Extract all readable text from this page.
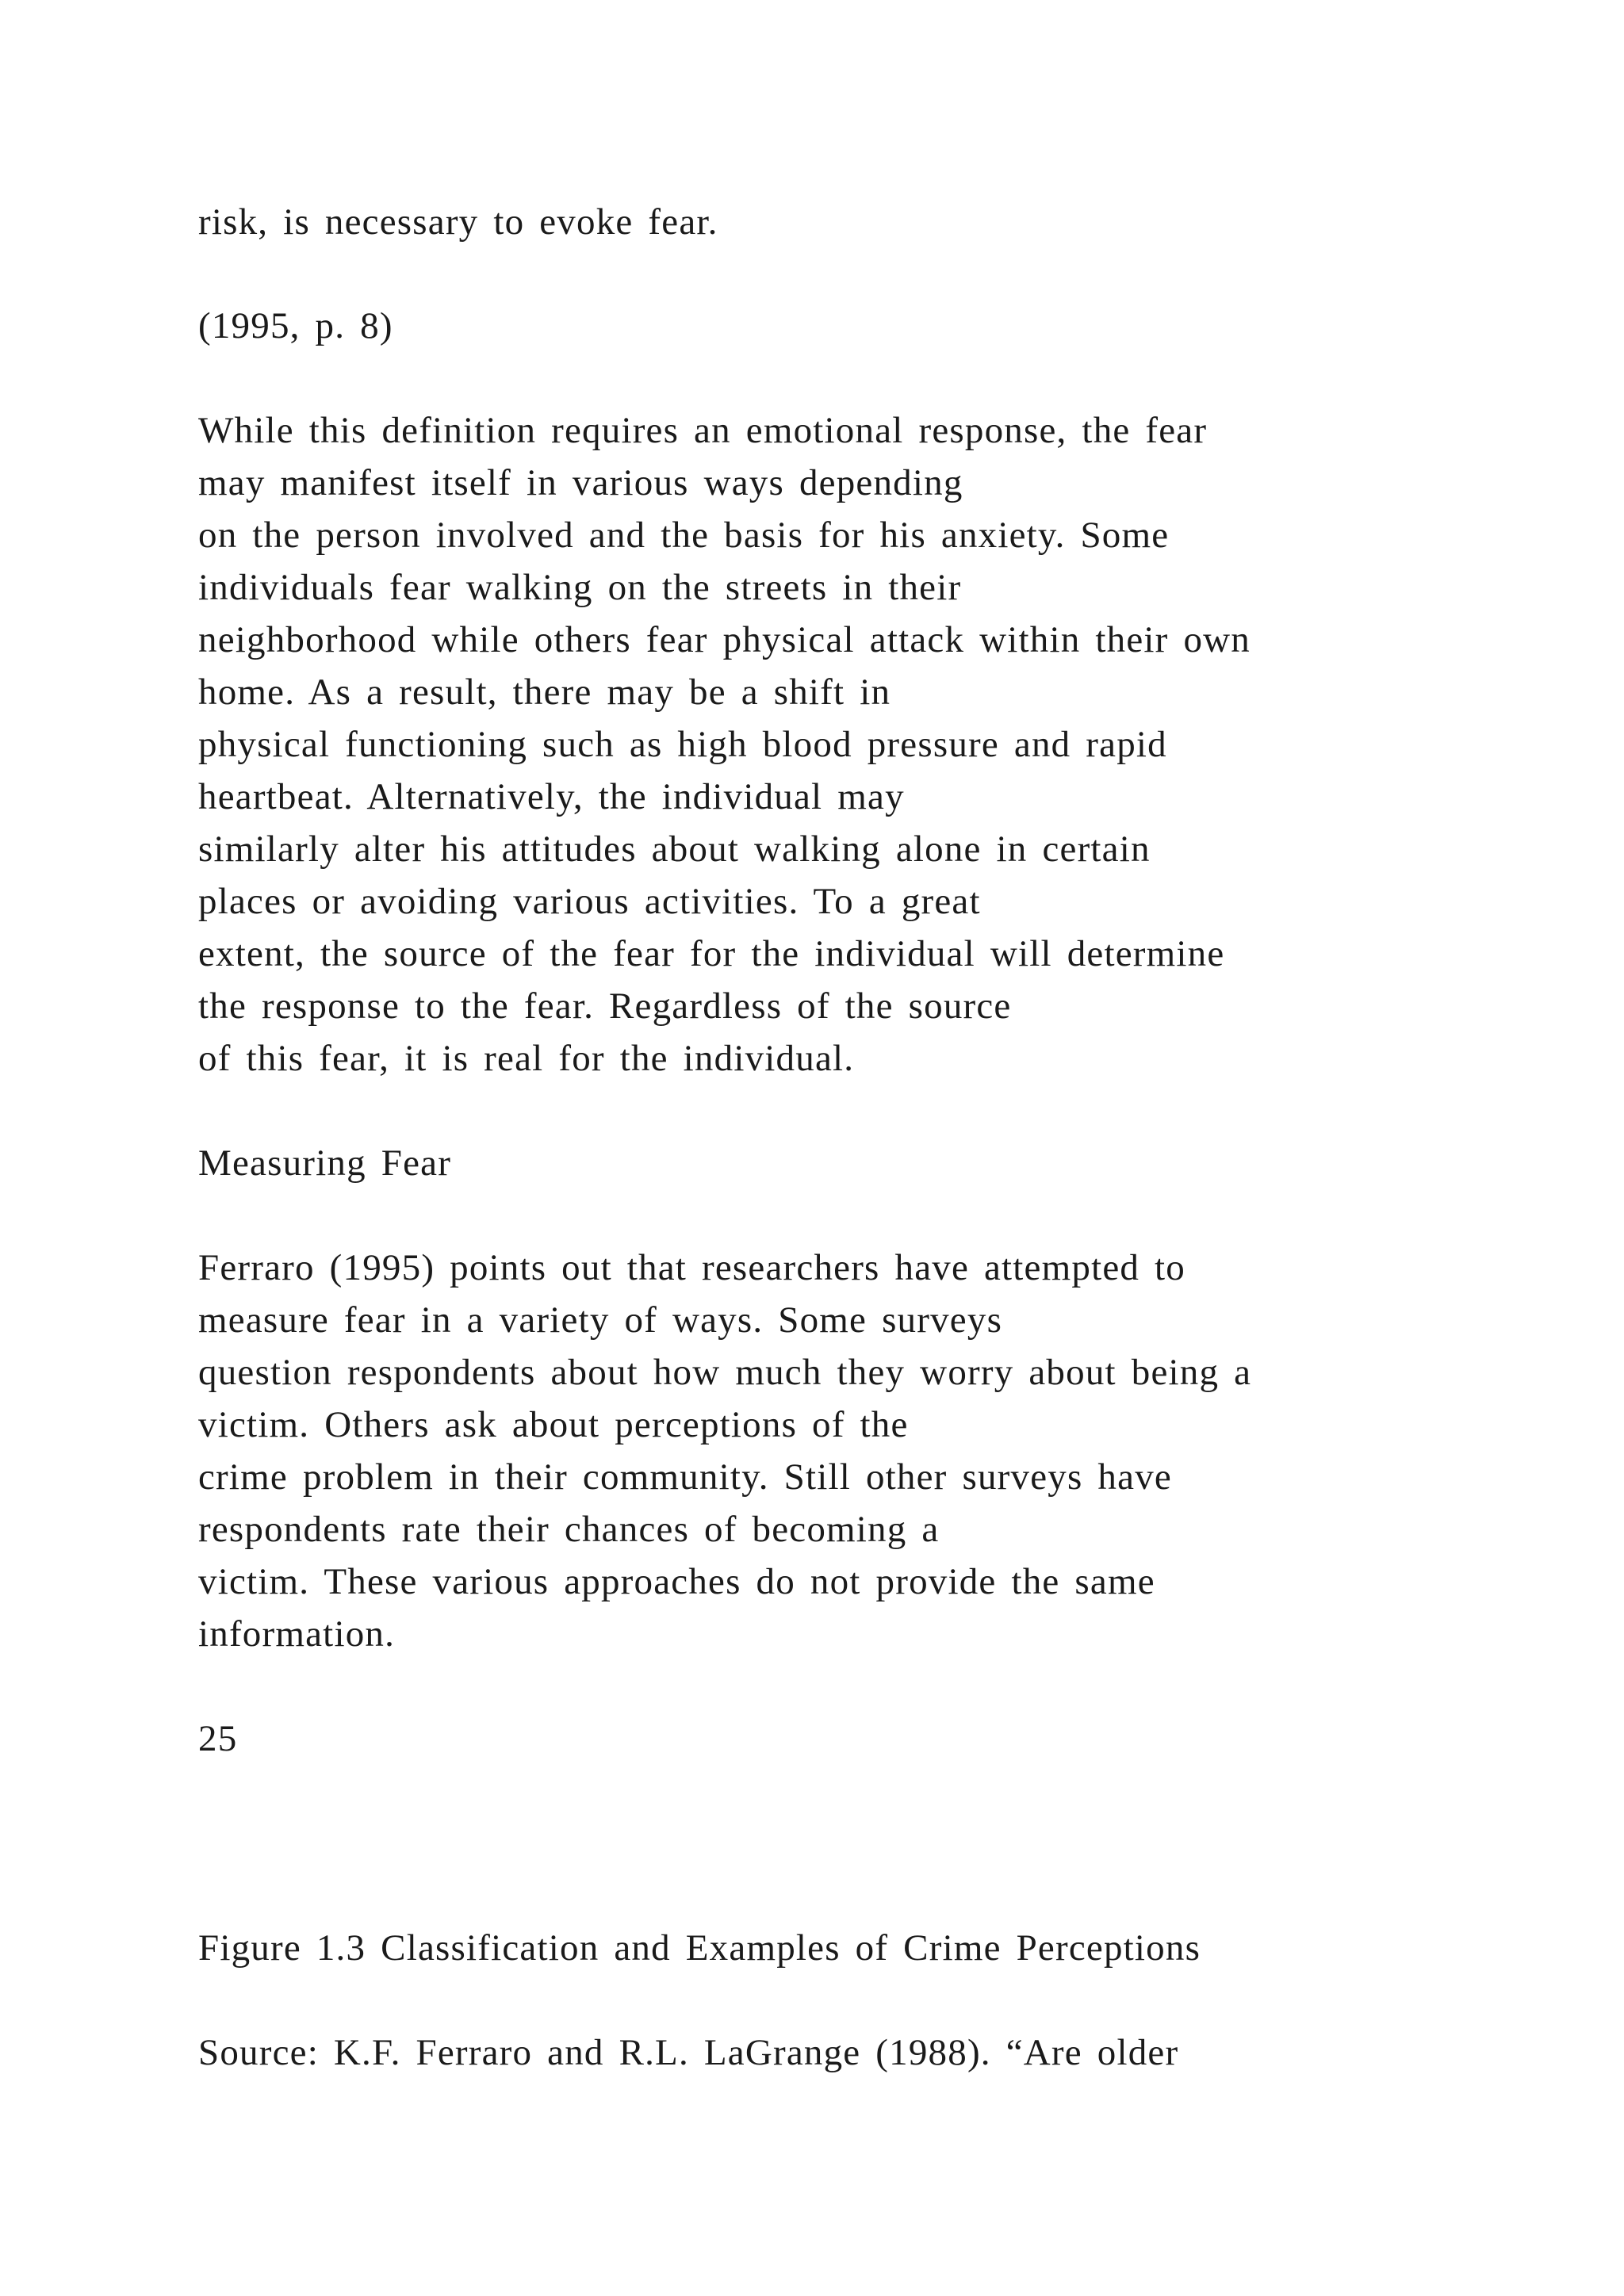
risk, is necessary to evoke fear.
(1995, p. 8)
While this definition requires an emotional response, the fear
may manifest itself in various ways depending
on the person involved and the basis for his anxiety. Some
individuals fear walking on the streets in their
neighborhood while others fear physical attack within their own
home. As a result, there may be a shift in
physical functioning such as high blood pressure and rapid
heartbeat. Alternatively, the individual may
similarly alter his attitudes about walking alone in certain
places or avoiding various activities. To a great
extent, the source of the fear for the individual will determine
the response to the fear. Regardless of the source
of this fear, it is real for the individual.
Measuring Fear
Ferraro (1995) points out that researchers have attempted to
measure fear in a variety of ways. Some surveys
question respondents about how much they worry about being a
victim. Others ask about perceptions of the
crime problem in their community. Still other surveys have
respondents rate their chances of becoming a
victim. These various approaches do not provide the same
information.
25
Figure 1.3 Classification and Examples of Crime Perceptions
Source: K.F. Ferraro and R.L. LaGrange (1988). “Are older
